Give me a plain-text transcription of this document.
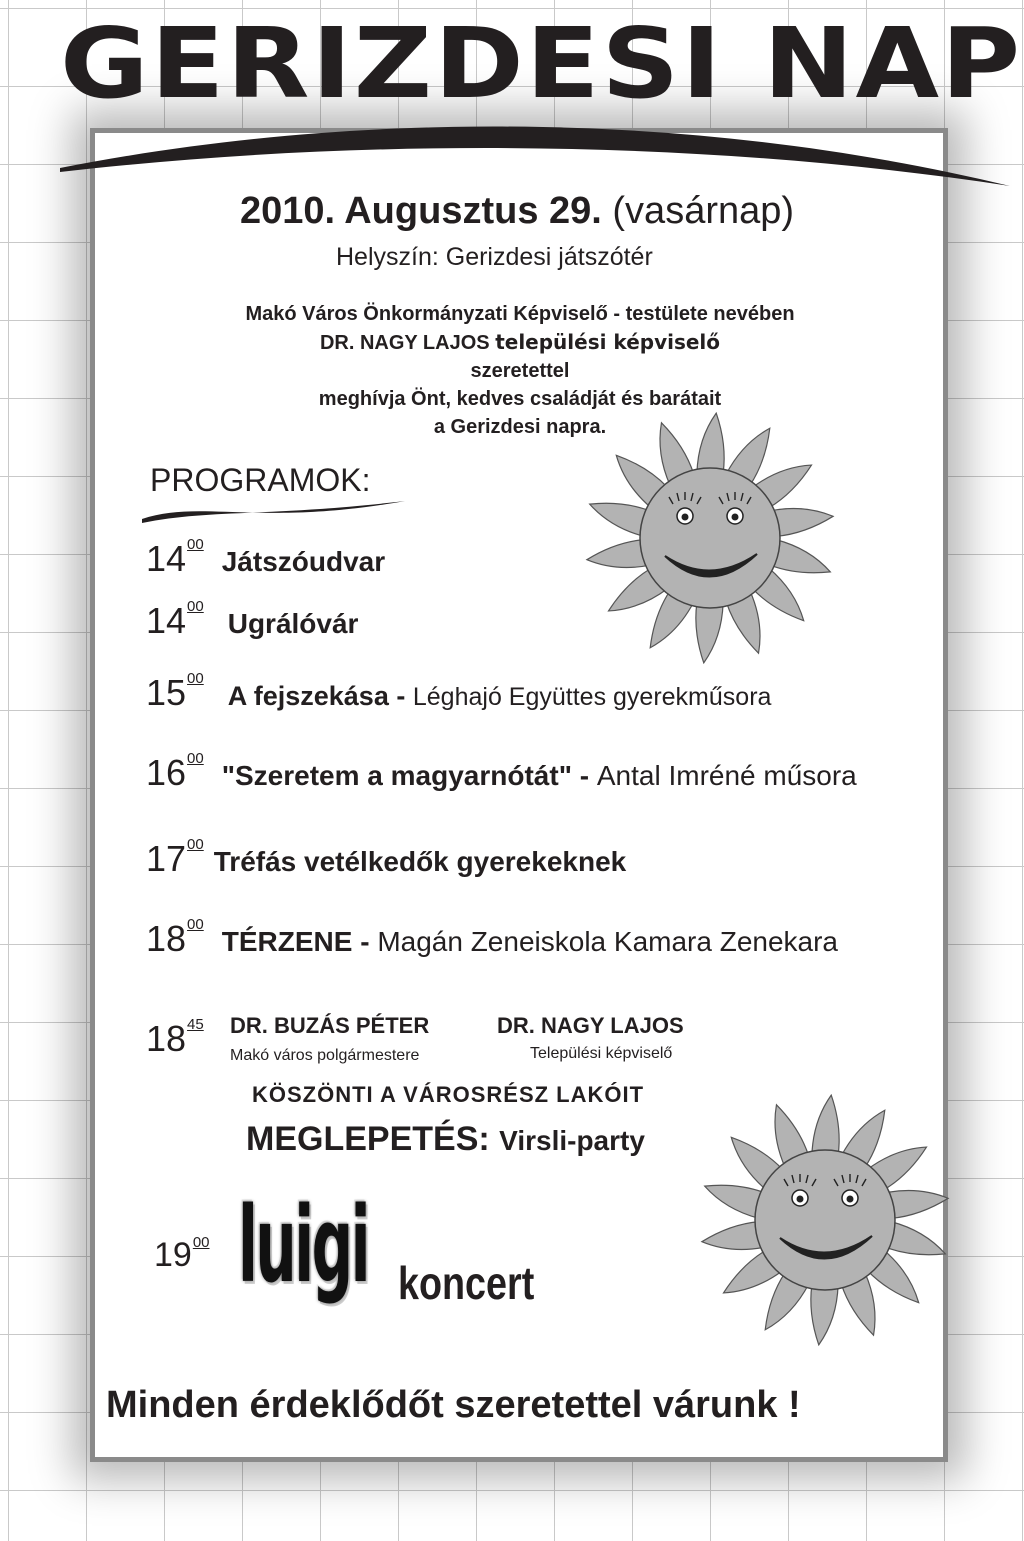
GERIZDESI NAP
2010. Augusztus 29. (vasárnap)
Helyszín: Gerizdesi játszótér
Makó Város Önkormányzati Képviselő - testülete nevében
DR. NAGY LAJOS települési képviselő
szeretettel
meghívja Önt, kedves családját és barátait
a Gerizdesi napra.
PROGRAMOK:
$14^{00}Játszóudvar$
$14^{00}Ugrálóvár$
$15^{00}A$ fejszekása - Léghajó Együttes gyerekműsora
$16^{00}"Szeretem$ a magyarnótát" - Antal Imréné műsora
$17^{00}Tréfás$ vetélkedők gyerekeknek
$18^{00}TÉRZENE$ - Magán Zeneiskola Kamara Zenekara
$18^{45}$ DR. BUZÁS PÉTER
Makó város polgármestere
DR. NAGY LAJOS
Települési képviselő
KÖSZÖNTI A VÁROSRÉSZ LAKÓIT
MEGLEPETÉS: Virsli-party
$19^{00}$ luigi koncert
Minden érdeklődőt szeretettel várunk !
